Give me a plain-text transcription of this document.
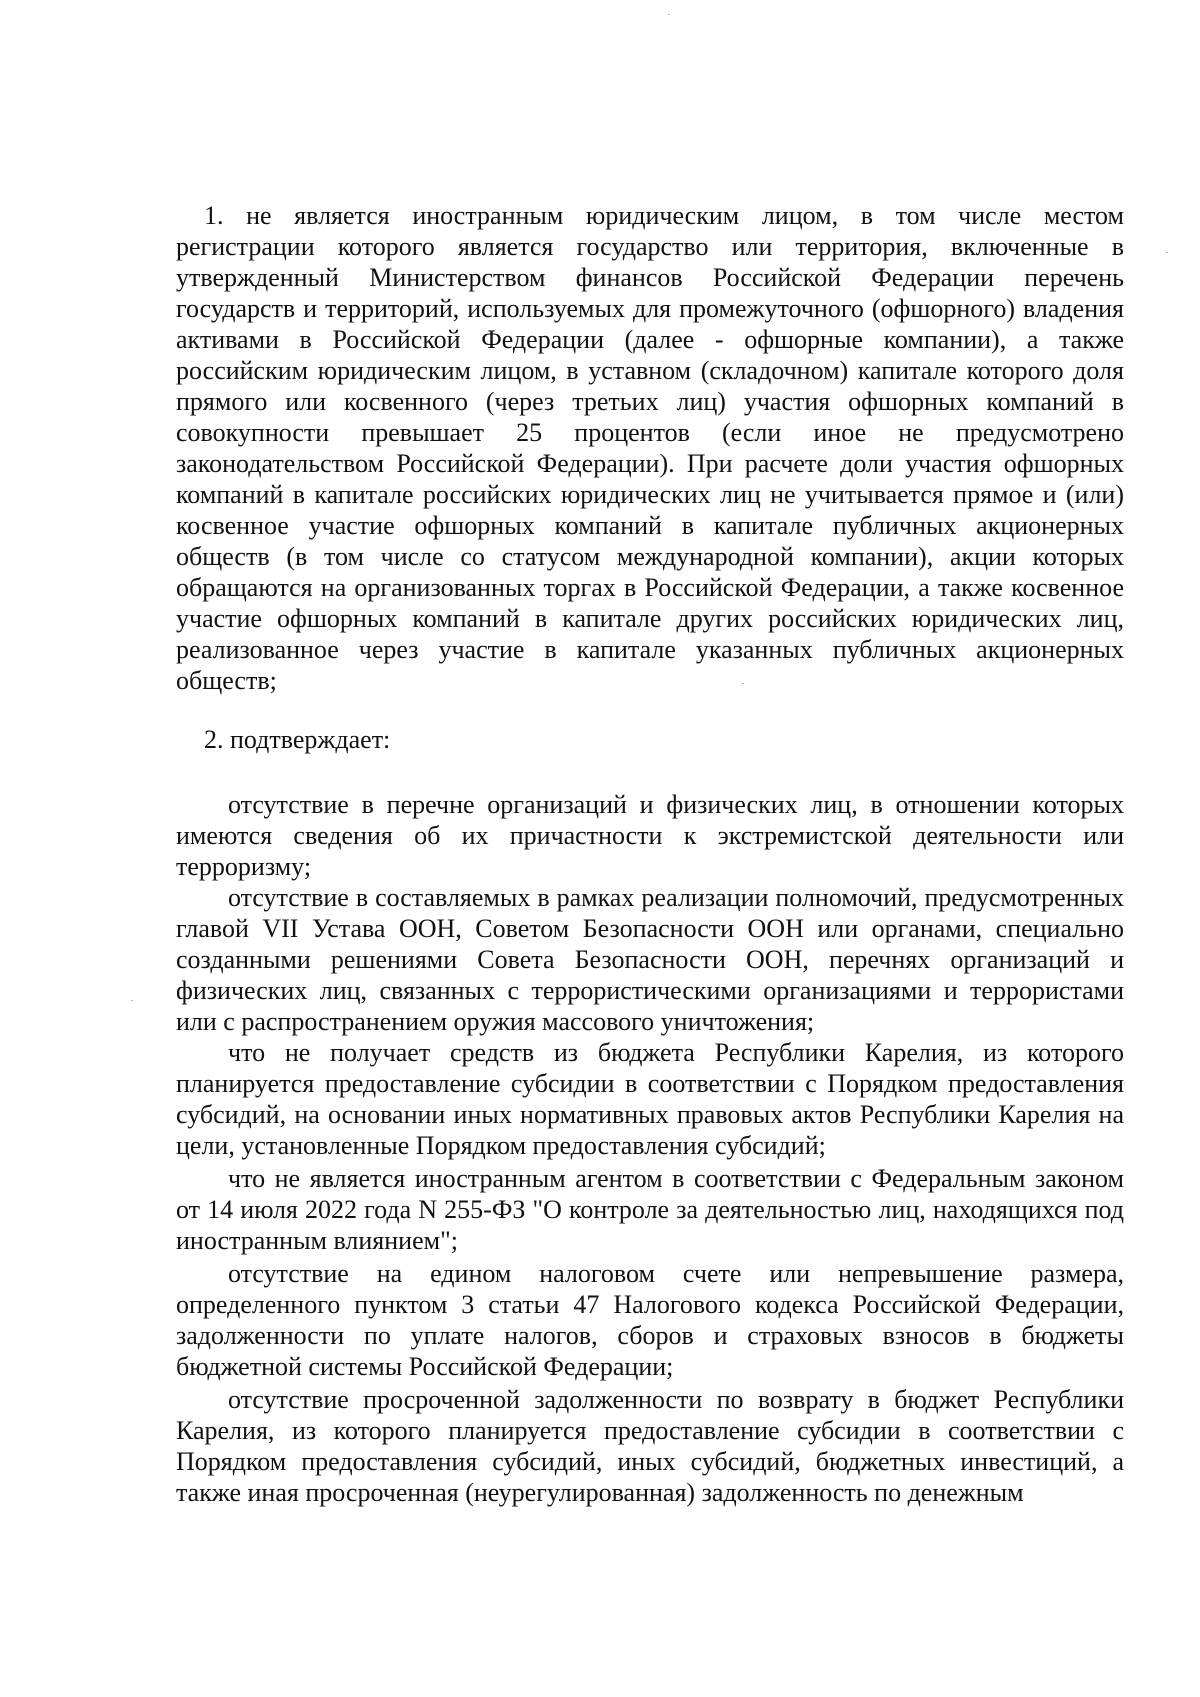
1. не является иностранным юридическим лицом, в том числе местом регистрации которого является государство или территория, включенные в утвержденный Министерством финансов Российской Федерации перечень государств и территорий, используемых для промежуточного (офшорного) владения активами в Российской Федерации (далее - офшорные компании), а также российским юридическим лицом, в уставном (складочном) капитале которого доля прямого или косвенного (через третьих лиц) участия офшорных компаний в совокупности превышает 25 процентов (если иное не предусмотрено законодательством Российской Федерации). При расчете доли участия офшорных компаний в капитале российских юридических лиц не учитывается прямое и (или) косвенное участие офшорных компаний в капитале публичных акционерных обществ (в том числе со статусом международной компании), акции которых обращаются на организованных торгах в Российской Федерации, а также косвенное участие офшорных компаний в капитале других российских юридических лиц, реализованное через участие в капитале указанных публичных акционерных обществ;

2. подтверждает:

отсутствие в перечне организаций и физических лиц, в отношении которых имеются сведения об их причастности к экстремистской деятельности или терроризму;

отсутствие в составляемых в рамках реализации полномочий, предусмотренных главой VII Устава ООН, Советом Безопасности ООН или органами, специально созданными решениями Совета Безопасности ООН, перечнях организаций и физических лиц, связанных с террористическими организациями и террористами или с распространением оружия массового уничтожения;

что не получает средств из бюджета Республики Карелия, из которого планируется предоставление субсидии в соответствии с Порядком предоставления субсидий, на основании иных нормативных правовых актов Республики Карелия на цели, установленные Порядком предоставления субсидий;

что не является иностранным агентом в соответствии с Федеральным законом от 14 июля 2022 года N 255-ФЗ "О контроле за деятельностью лиц, находящихся под иностранным влиянием";

отсутствие на едином налоговом счете или непревышение размера, определенного пунктом 3 статьи 47 Налогового кодекса Российской Федерации, задолженности по уплате налогов, сборов и страховых взносов в бюджеты бюджетной системы Российской Федерации;

отсутствие просроченной задолженности по возврату в бюджет Республики Карелия, из которого планируется предоставление субсидии в соответствии с Порядком предоставления субсидий, иных субсидий, бюджетных инвестиций, а также иная просроченная (неурегулированная) задолженность по денежным
